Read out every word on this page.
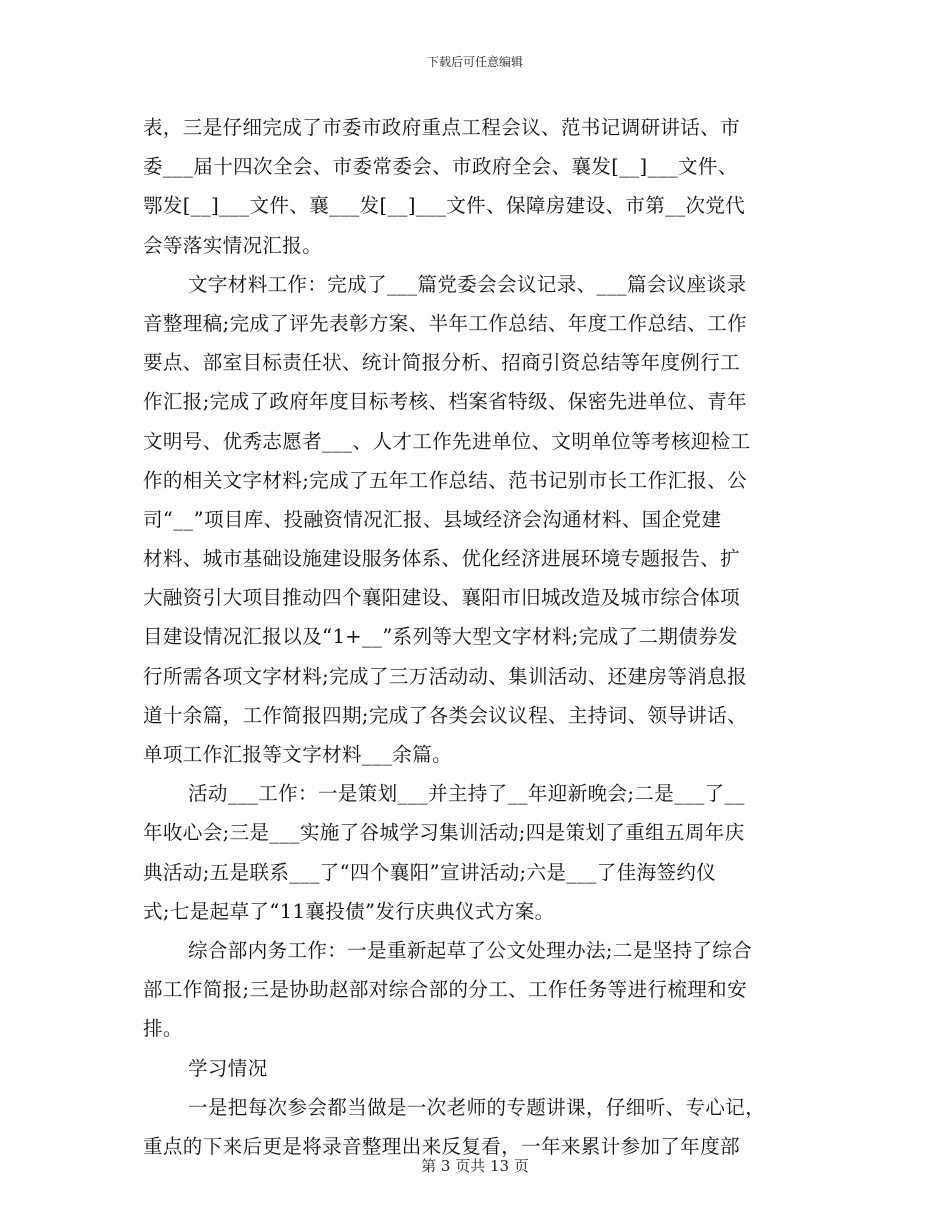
下载后可任意编辑
表，三是仔细完成了市委市政府重点工程会议、范书记调研讲话、市
委___届十四次全会、市委常委会、市政府全会、襄发[__]___文件、
鄂发[__]___文件、襄___发[__]___文件、保障房建设、市第__次党代
会等落实情况汇报。
文字材料工作：完成了___篇党委会会议记录、___篇会议座谈录
音整理稿;完成了评先表彰方案、半年工作总结、年度工作总结、工作
要点、部室目标责任状、统计简报分析、招商引资总结等年度例行工
作汇报;完成了政府年度目标考核、档案省特级、保密先进单位、青年
文明号、优秀志愿者___、人才工作先进单位、文明单位等考核迎检工
作的相关文字材料;完成了五年工作总结、范书记别市长工作汇报、公
司“__”项目库、投融资情况汇报、县域经济会沟通材料、国企党建
材料、城市基础设施建设服务体系、优化经济进展环境专题报告、扩
大融资引大项目推动四个襄阳建设、襄阳市旧城改造及城市综合体项
目建设情况汇报以及“1+__”系列等大型文字材料;完成了二期债券发
行所需各项文字材料;完成了三万活动动、集训活动、还建房等消息报
道十余篇，工作简报四期;完成了各类会议议程、主持词、领导讲话、
单项工作汇报等文字材料___余篇。
活动___工作：一是策划___并主持了__年迎新晚会;二是___了__
年收心会;三是___实施了谷城学习集训活动;四是策划了重组五周年庆
典活动;五是联系___了“四个襄阳”宣讲活动;六是___了佳海签约仪
式;七是起草了“11襄投债”发行庆典仪式方案。
综合部内务工作：一是重新起草了公文处理办法;二是坚持了综合
部工作简报;三是协助赵部对综合部的分工、工作任务等进行梳理和安
排。
学习情况
一是把每次参会都当做是一次老师的专题讲课，仔细听、专心记，
重点的下来后更是将录音整理出来反复看，一年来累计参加了年度部
第 3 页共 13 页
